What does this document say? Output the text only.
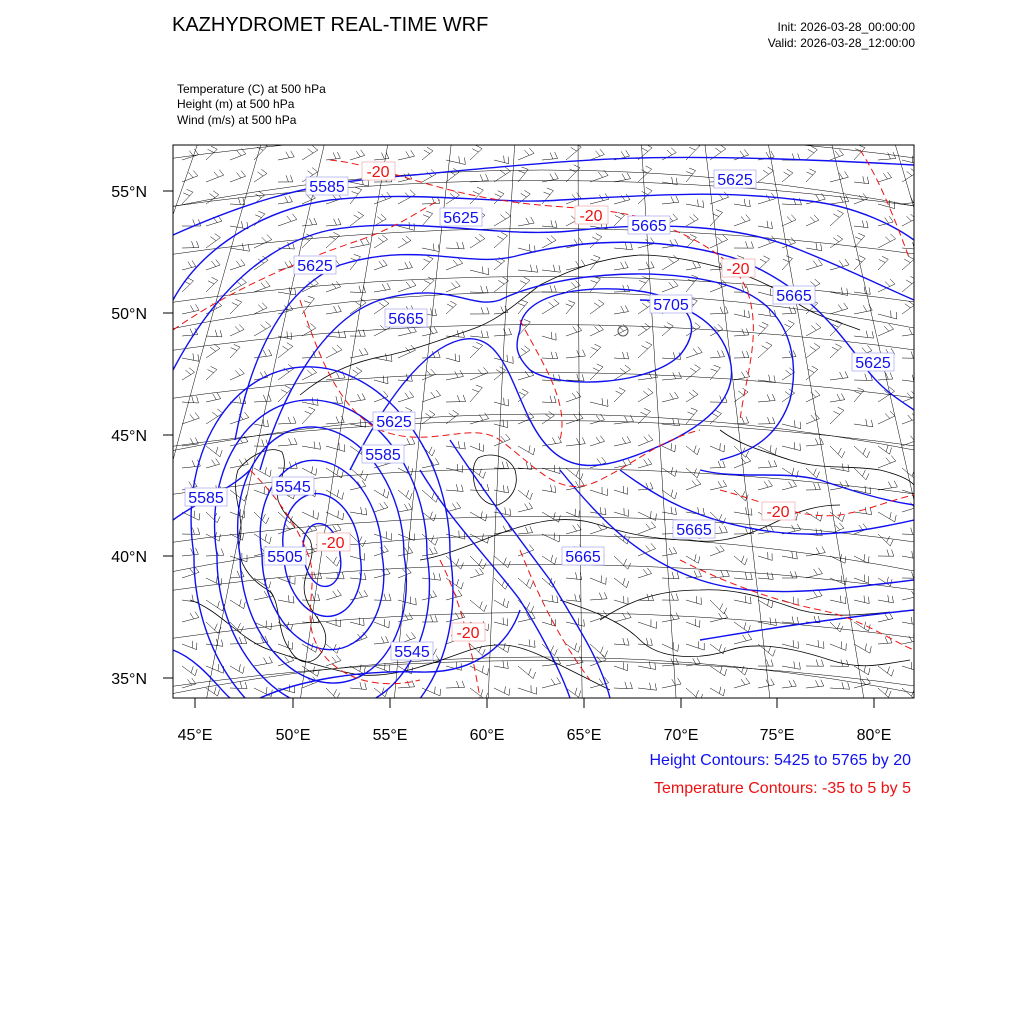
KAZHYDROMET REAL-TIME WRF	Init: 2026-03-28_00:00:00
Valid: 2026-03-28_12:00:00
Temperature (C) at 500 hPa
Height (m) at 500 hPa
Wind (m/s) at 500 hPa
5585
5625	5665
5625
5625
5665
5705
5665
5625
5625
5585
5585
5545
5505	5665
5665
5545
-20
-20
-20
-20
-20
-20
55°N
50°N
45°N
40°N
35°N
45°E	50°E	55°E	60°E	65°E	70°E	75°E	80°E
Height Contours: 5425 to 5765 by 20
Temperature Contours: -35 to 5 by 5
